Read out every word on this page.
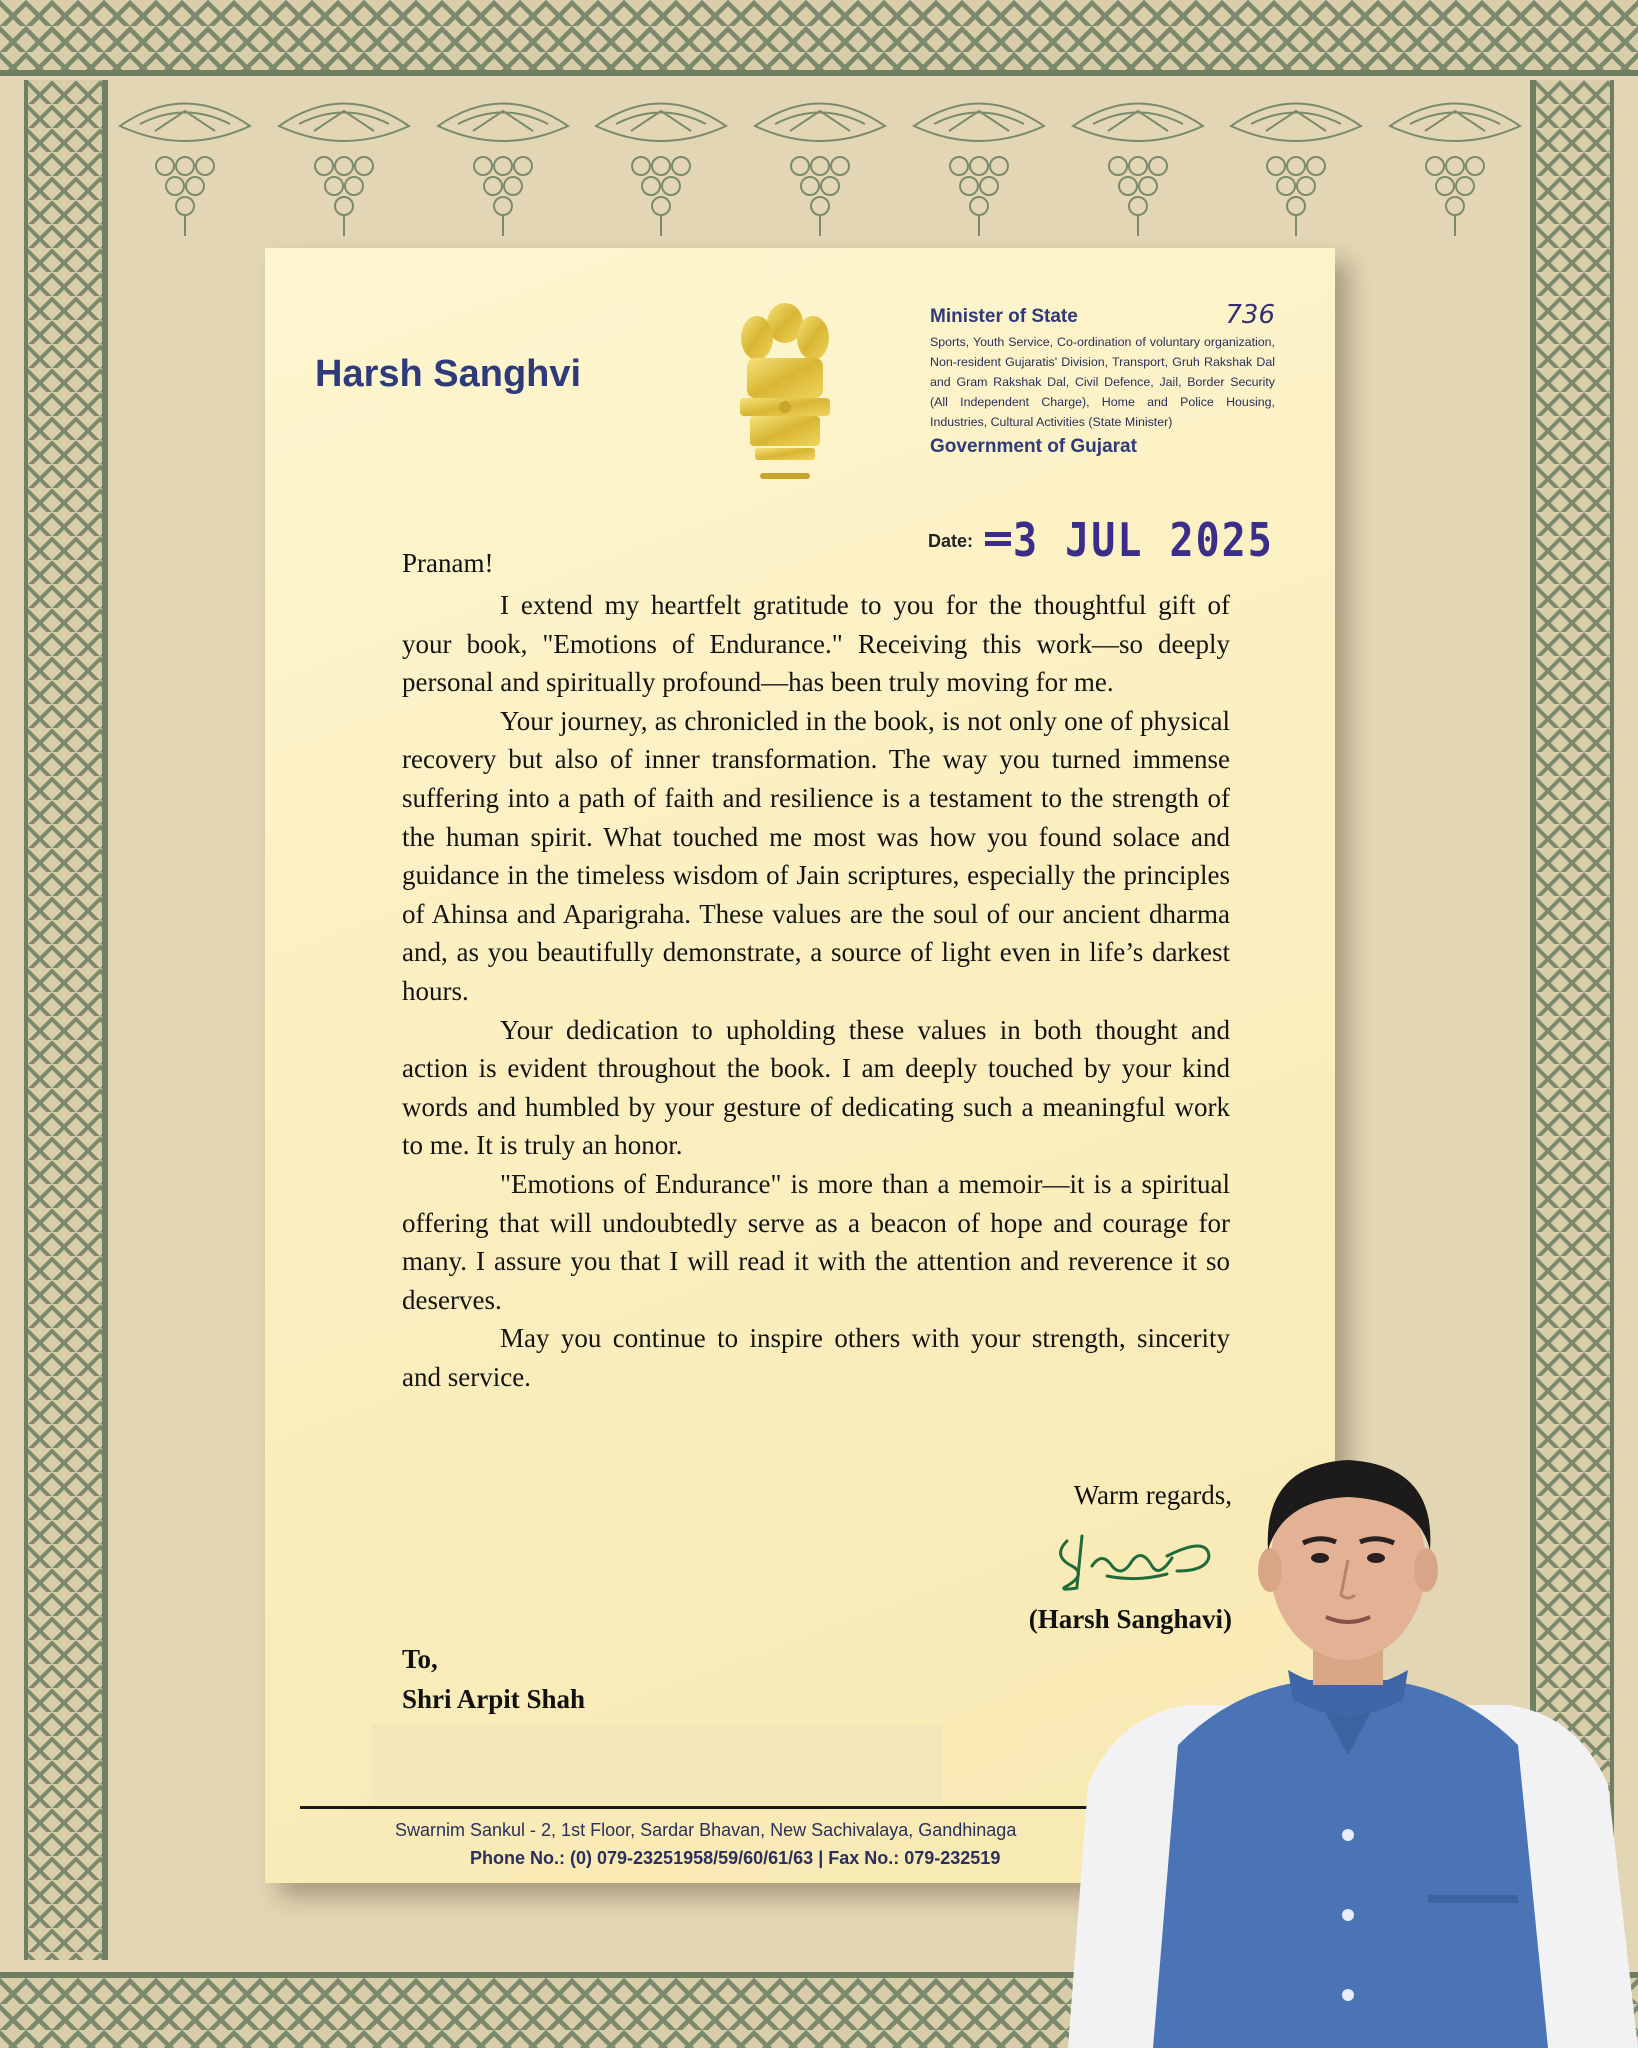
Harsh Sanghvi
Minister of State	736
Sports, Youth Service, Co-ordination of voluntary organization, Non-resident Gujaratis' Division, Transport, Gruh Rakshak Dal and Gram Rakshak Dal, Civil Defence, Jail, Border Security (All Independent Charge), Home and Police Housing, Industries, Cultural Activities (State Minister)
Government of Gujarat
Date: 3 JUL 2025
Pranam!

I extend my heartfelt gratitude to you for the thoughtful gift of your book, "Emotions of Endurance." Receiving this work—so deeply personal and spiritually profound—has been truly moving for me.

Your journey, as chronicled in the book, is not only one of physical recovery but also of inner transformation. The way you turned immense suffering into a path of faith and resilience is a testament to the strength of the human spirit. What touched me most was how you found solace and guidance in the timeless wisdom of Jain scriptures, especially the principles of Ahinsa and Aparigraha. These values are the soul of our ancient dharma and, as you beautifully demonstrate, a source of light even in life’s darkest hours.

Your dedication to upholding these values in both thought and action is evident throughout the book. I am deeply touched by your kind words and humbled by your gesture of dedicating such a meaningful work to me. It is truly an honor.

"Emotions of Endurance" is more than a memoir—it is a spiritual offering that will undoubtedly serve as a beacon of hope and courage for many. I assure you that I will read it with the attention and reverence it so deserves.

May you continue to inspire others with your strength, sincerity and service.

Warm regards,
(Harsh Sanghavi)
To,
Shri Arpit Shah
Swarnim Sankul - 2, 1st Floor, Sardar Bhavan, New Sachivalaya, Gandhinaga
Phone No.: (0) 079-23251958/59/60/61/63 | Fax No.: 079-232519
